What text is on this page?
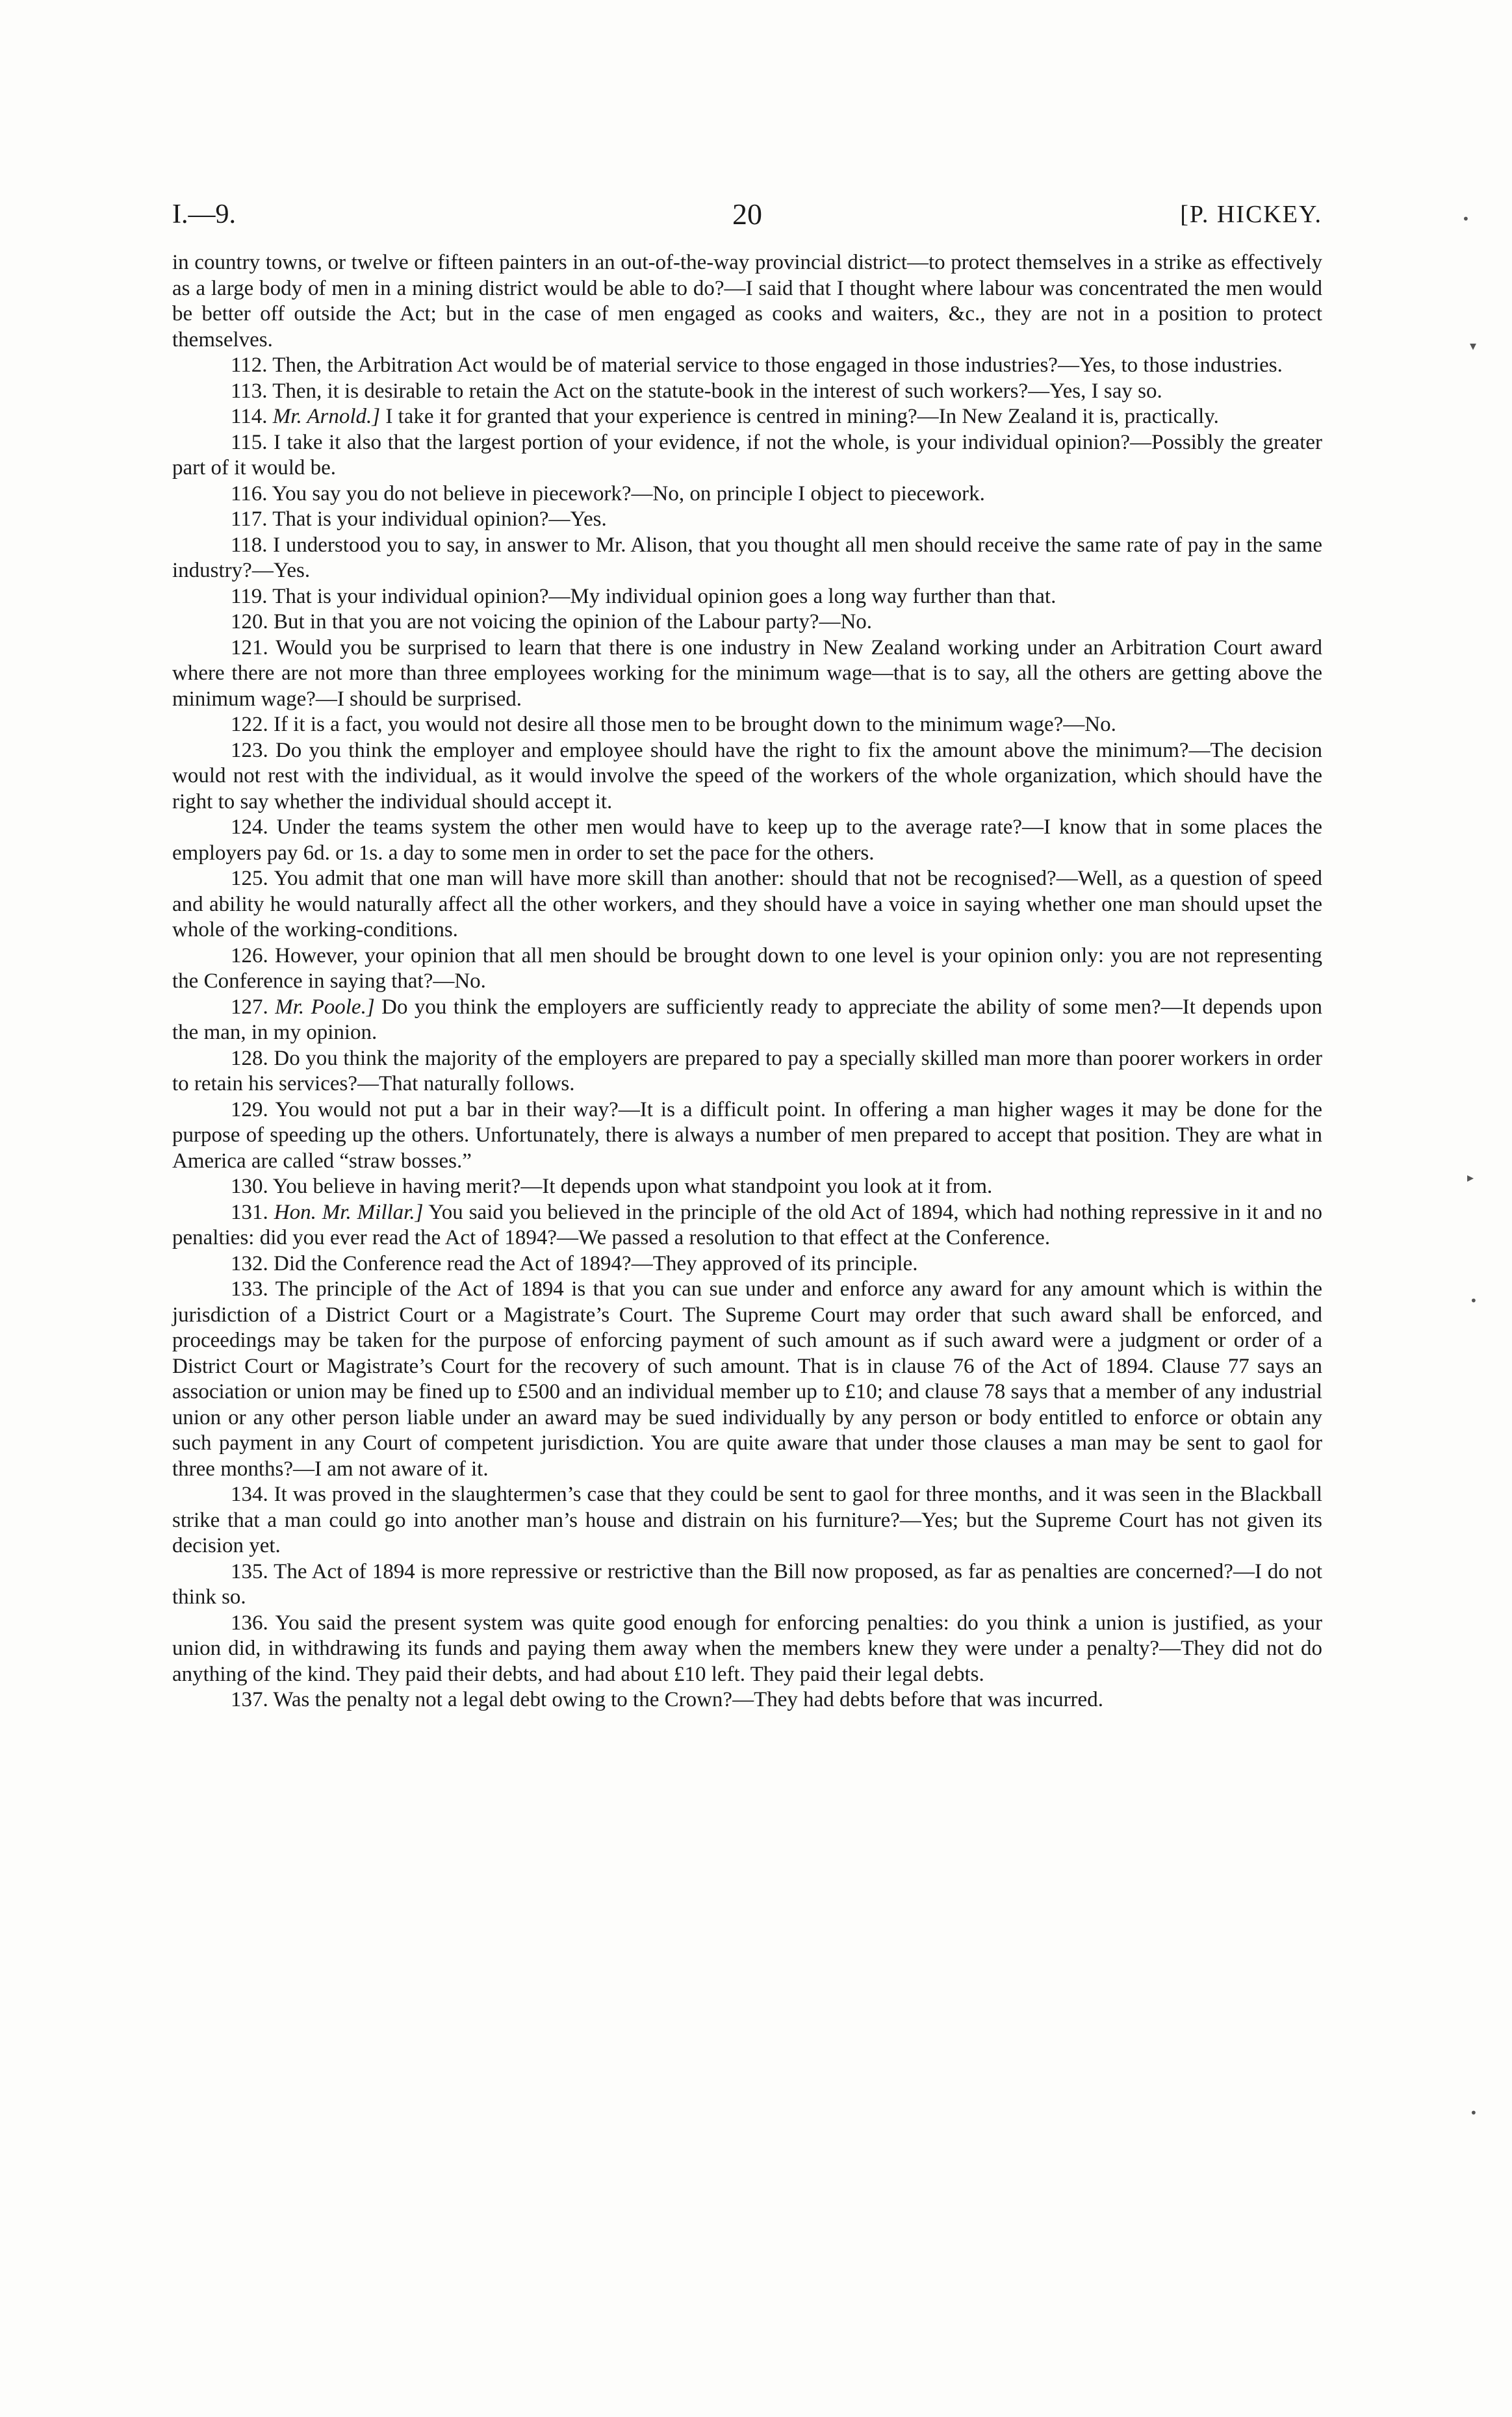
I.—9.	20	[P. HICKEY.

in country towns, or twelve or fifteen painters in an out-of-the-way provincial district—to protect themselves in a strike as effectively as a large body of men in a mining district would be able to do?—I said that I thought where labour was concentrated the men would be better off outside the Act; but in the case of men engaged as cooks and waiters, &c., they are not in a position to protect themselves.

112. Then, the Arbitration Act would be of material service to those engaged in those industries?—Yes, to those industries.

113. Then, it is desirable to retain the Act on the statute-book in the interest of such workers?—Yes, I say so.

114. Mr. Arnold.] I take it for granted that your experience is centred in mining?—In New Zealand it is, practically.

115. I take it also that the largest portion of your evidence, if not the whole, is your individual opinion?—Possibly the greater part of it would be.

116. You say you do not believe in piecework?—No, on principle I object to piecework.

117. That is your individual opinion?—Yes.

118. I understood you to say, in answer to Mr. Alison, that you thought all men should receive the same rate of pay in the same industry?—Yes.

119. That is your individual opinion?—My individual opinion goes a long way further than that.

120. But in that you are not voicing the opinion of the Labour party?—No.

121. Would you be surprised to learn that there is one industry in New Zealand working under an Arbitration Court award where there are not more than three employees working for the minimum wage—that is to say, all the others are getting above the minimum wage?—I should be surprised.

122. If it is a fact, you would not desire all those men to be brought down to the minimum wage?—No.

123. Do you think the employer and employee should have the right to fix the amount above the minimum?—The decision would not rest with the individual, as it would involve the speed of the workers of the whole organization, which should have the right to say whether the individual should accept it.

124. Under the teams system the other men would have to keep up to the average rate?—I know that in some places the employers pay 6d. or 1s. a day to some men in order to set the pace for the others.

125. You admit that one man will have more skill than another: should that not be recognised?—Well, as a question of speed and ability he would naturally affect all the other workers, and they should have a voice in saying whether one man should upset the whole of the working-conditions.

126. However, your opinion that all men should be brought down to one level is your opinion only: you are not representing the Conference in saying that?—No.

127. Mr. Poole.] Do you think the employers are sufficiently ready to appreciate the ability of some men?—It depends upon the man, in my opinion.

128. Do you think the majority of the employers are prepared to pay a specially skilled man more than poorer workers in order to retain his services?—That naturally follows.

129. You would not put a bar in their way?—It is a difficult point. In offering a man higher wages it may be done for the purpose of speeding up the others. Unfortunately, there is always a number of men prepared to accept that position. They are what in America are called “straw bosses.”

130. You believe in having merit?—It depends upon what standpoint you look at it from.

131. Hon. Mr. Millar.] You said you believed in the principle of the old Act of 1894, which had nothing repressive in it and no penalties: did you ever read the Act of 1894?—We passed a resolution to that effect at the Conference.

132. Did the Conference read the Act of 1894?—They approved of its principle.

133. The principle of the Act of 1894 is that you can sue under and enforce any award for any amount which is within the jurisdiction of a District Court or a Magistrate’s Court. The Supreme Court may order that such award shall be enforced, and proceedings may be taken for the purpose of enforcing payment of such amount as if such award were a judgment or order of a District Court or Magistrate’s Court for the recovery of such amount. That is in clause 76 of the Act of 1894. Clause 77 says an association or union may be fined up to £500 and an individual member up to £10; and clause 78 says that a member of any industrial union or any other person liable under an award may be sued individually by any person or body entitled to enforce or obtain any such payment in any Court of competent jurisdiction. You are quite aware that under those clauses a man may be sent to gaol for three months?—I am not aware of it.

134. It was proved in the slaughtermen’s case that they could be sent to gaol for three months, and it was seen in the Blackball strike that a man could go into another man’s house and distrain on his furniture?—Yes; but the Supreme Court has not given its decision yet.

135. The Act of 1894 is more repressive or restrictive than the Bill now proposed, as far as penalties are concerned?—I do not think so.

136. You said the present system was quite good enough for enforcing penalties: do you think a union is justified, as your union did, in withdrawing its funds and paying them away when the members knew they were under a penalty?—They did not do anything of the kind. They paid their debts, and had about £10 left. They paid their legal debts.

137. Was the penalty not a legal debt owing to the Crown?—They had debts before that was incurred.

•
▾
▸
•
•
